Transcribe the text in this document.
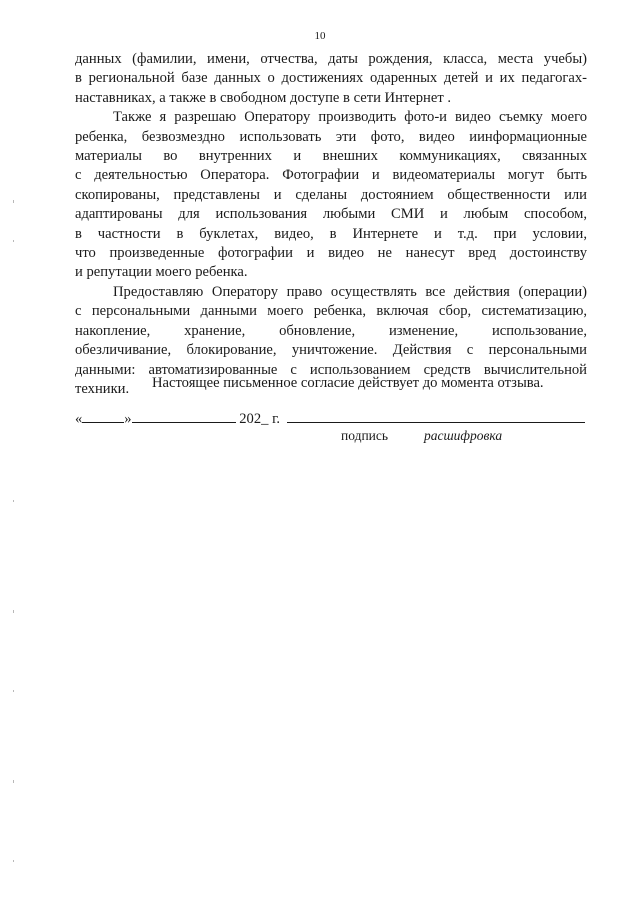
10

данных (фамилии, имени, отчества, даты рождения, класса, места учебы)
в региональной базе данных о достижениях одаренных детей и их педагогах-
наставниках, а также в свободном доступе в сети Интернет .

Также я разрешаю Оператору производить фото-и видео съемку моего
ребенка, безвозмездно использовать эти фото, видео иинформационные
материалы во внутренних и внешних коммуникациях, связанных
с деятельностью Оператора. Фотографии и видеоматериалы могут быть
скопированы, представлены и сделаны достоянием общественности или
адаптированы для использования любыми СМИ и любым способом,
в частности в буклетах, видео, в Интернете и т.д. при условии,
что произведенные фотографии и видео не нанесут вред достоинству
и репутации моего ребенка.

Предоставляю Оператору право осуществлять все действия (операции)
с персональными данными моего ребенка, включая сбор, систематизацию,
накопление, хранение, обновление, изменение, использование,
обезличивание, блокирование, уничтожение. Действия с персональными
данными: автоматизированные с использованием средств вычислительной
техники.	Настоящее письменное согласие действует до момента отзыва.
«	»	202_ г.
подпись	расшифровка
